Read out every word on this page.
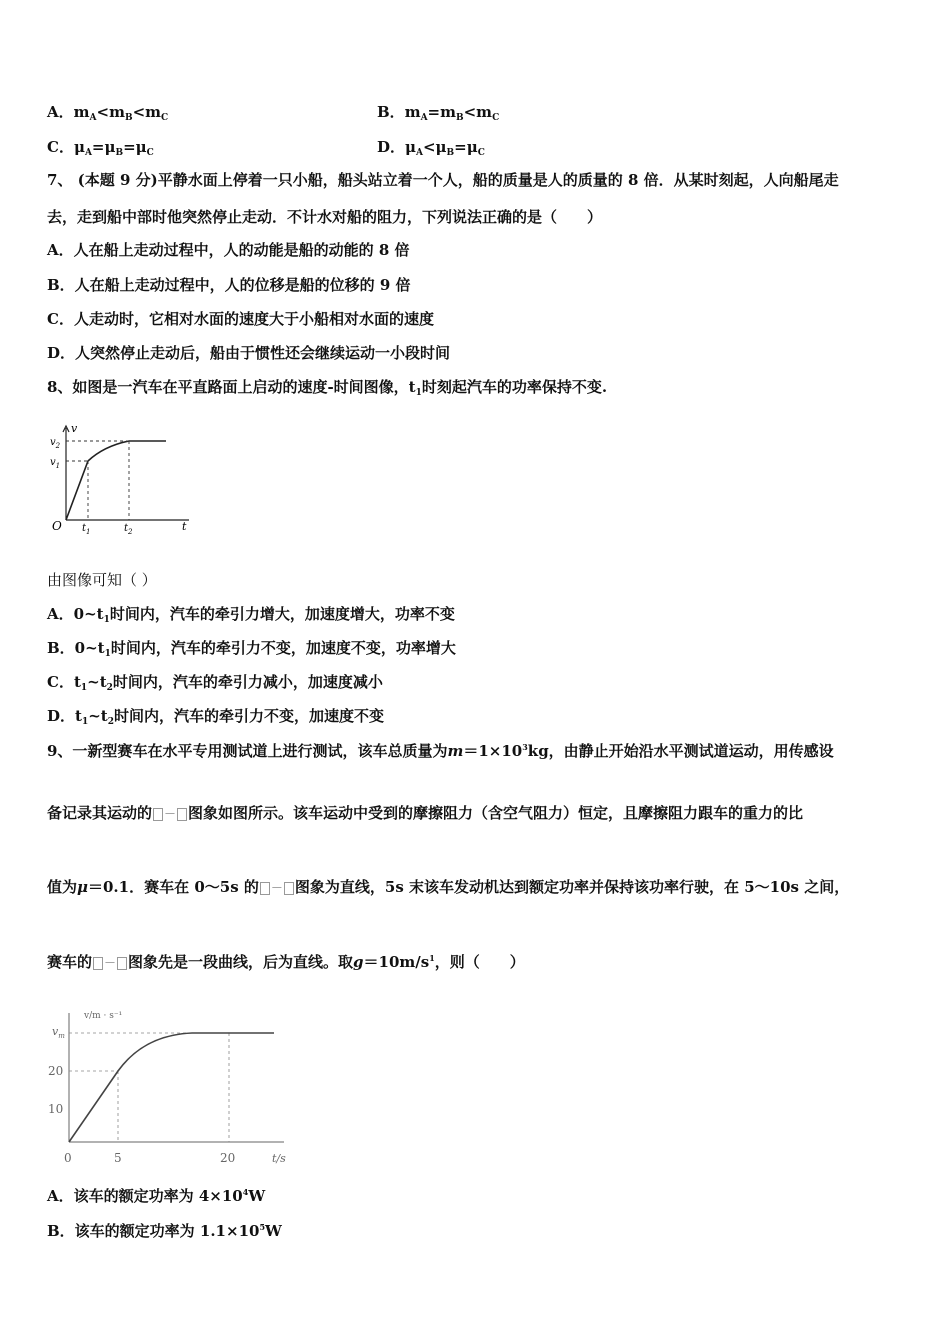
A．$m_A<m_B<m_C$	B．$m_A=m_B<m_C$
C．$\mu_A=\mu_B=\mu_C$	D．$\mu_A<\mu_B=\mu_C$
7、 (本题 9 分)平静水面上停着一只小船，船头站立着一个人，船的质量是人的质量的 8 倍．从某时刻起，人向船尾走
去，走到船中部时他突然停止走动．不计水对船的阻力，下列说法正确的是（　　）
A．人在船上走动过程中，人的动能是船的动能的 8 倍
B．人在船上走动过程中，人的位移是船的位移的 9 倍
C．人走动时，它相对水面的速度大于小船相对水面的速度
D．人突然停止走动后，船由于惯性还会继续运动一小段时间
8、如图是一汽车在平直路面上启动的速度-时间图像，$t_1$时刻起汽车的功率保持不变.
v
t
O
$v_2$
$v_1$
$t_1$	$t_2$
由图像可知（ ）
A．$0\sim t_1$时间内，汽车的牵引力增大，加速度增大，功率不变
B．$0\sim t_1$时间内，汽车的牵引力不变，加速度不变，功率增大
C．$t_1\sim t_2$时间内，汽车的牵引力减小，加速度减小
D．$t_1\sim t_2$时间内，汽车的牵引力不变，加速度不变
9、一新型赛车在水平专用测试道上进行测试，该车总质量为$m=1\times 10^3kg$，由静止开始沿水平测试道运动，用传感设
备记录其运动的 － 图象如图所示。该车运动中受到的摩擦阻力（含空气阻力）恒定，且摩擦阻力跟车的重力的比
值为μ＝0.1．赛车在 0～5s 的 － 图象为直线，5s 末该车发动机达到额定功率并保持该功率行驶，在 5～10s 之间，
赛车的 － 图象先是一段曲线，后为直线。取$g=10m/s^1$，则（　　）
v/m · s⁻¹
t/s
$v_m$
20
10
0	5	20
A．该车的额定功率为 $4\times 10^4W$
B．该车的额定功率为 $1.1\times 10^5W$
